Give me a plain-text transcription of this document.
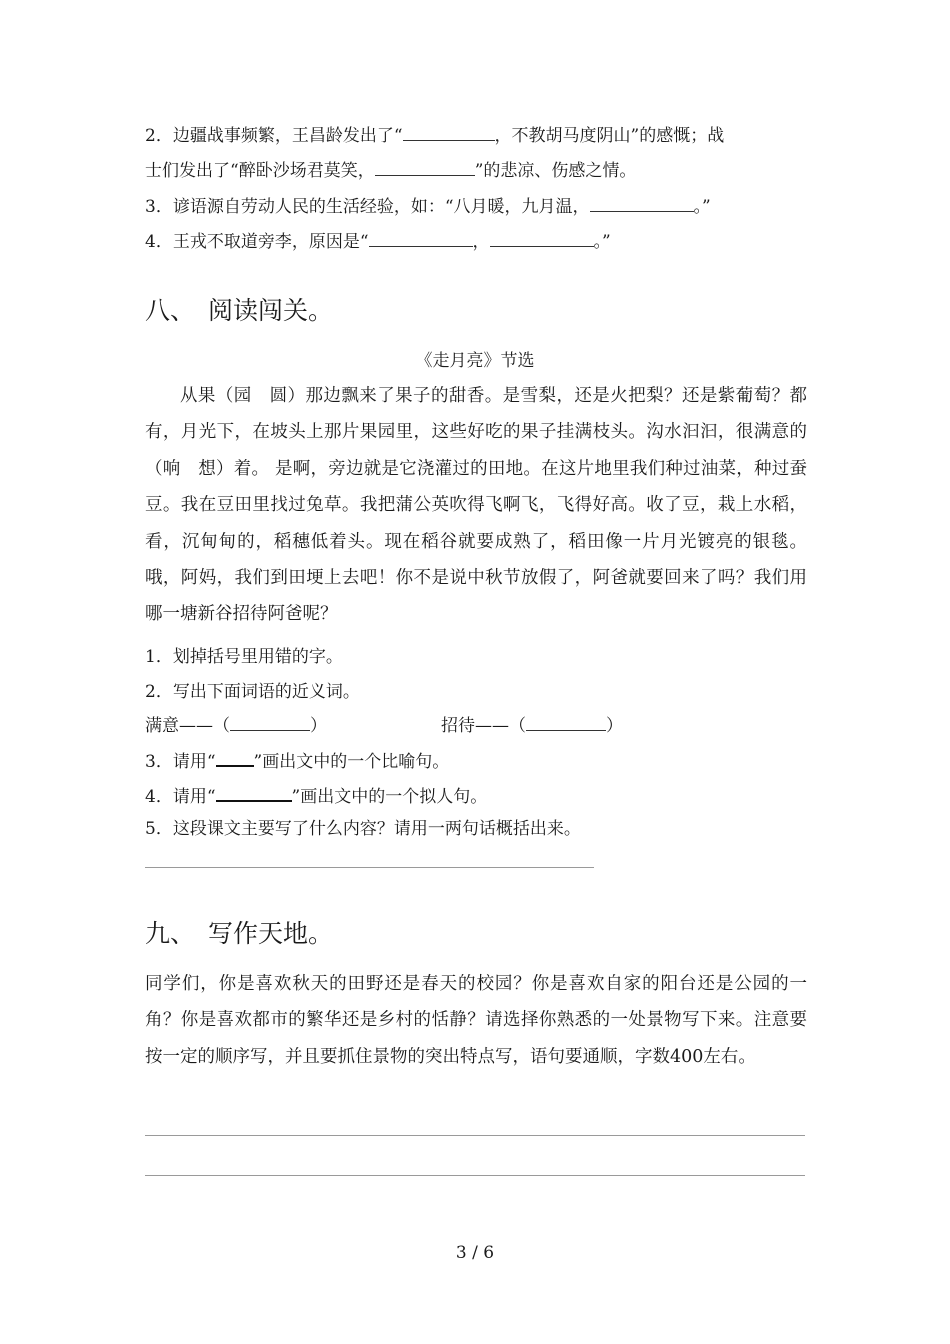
2．边疆战事频繁，王昌龄发出了“	，不教胡马度阴山”的感慨；战
士们发出了“醉卧沙场君莫笑，	”的悲凉、伤感之情。
3．谚语源自劳动人民的生活经验，如：“八月暖，九月温，	。”
4．王戎不取道旁李，原因是“	，	。”
八、 阅读闯关。
《走月亮》节选
从果（园　圆）那边飘来了果子的甜香。是雪梨，还是火把梨？还是紫葡萄？都有，月光下，在坡头上那片果园里，这些好吃的果子挂满枝头。沟水汩汩，很满意的（响　想）着。 是啊，旁边就是它浇灌过的田地。在这片地里我们种过油菜，种过蚕豆。我在豆田里找过兔草。我把蒲公英吹得飞啊飞，飞得好高。收了豆，栽上水稻，看，沉甸甸的，稻穗低着头。现在稻谷就要成熟了，稻田像一片月光镀亮的银毯。哦，阿妈，我们到田埂上去吧！你不是说中秋节放假了，阿爸就要回来了吗？我们用哪一塘新谷招待阿爸呢？
1．划掉括号里用错的字。
2．写出下面词语的近义词。
满意——（	）	招待——（	）
3．请用“ ”画出文中的一个比喻句。
4．请用“	”画出文中的一个拟人句。
5．这段课文主要写了什么内容？请用一两句话概括出来。
九、 写作天地。
同学们，你是喜欢秋天的田野还是春天的校园？你是喜欢自家的阳台还是公园的一角？你是喜欢都市的繁华还是乡村的恬静？请选择你熟悉的一处景物写下来。注意要按一定的顺序写，并且要抓住景物的突出特点写，语句要通顺，字数400左右。
3 / 6
